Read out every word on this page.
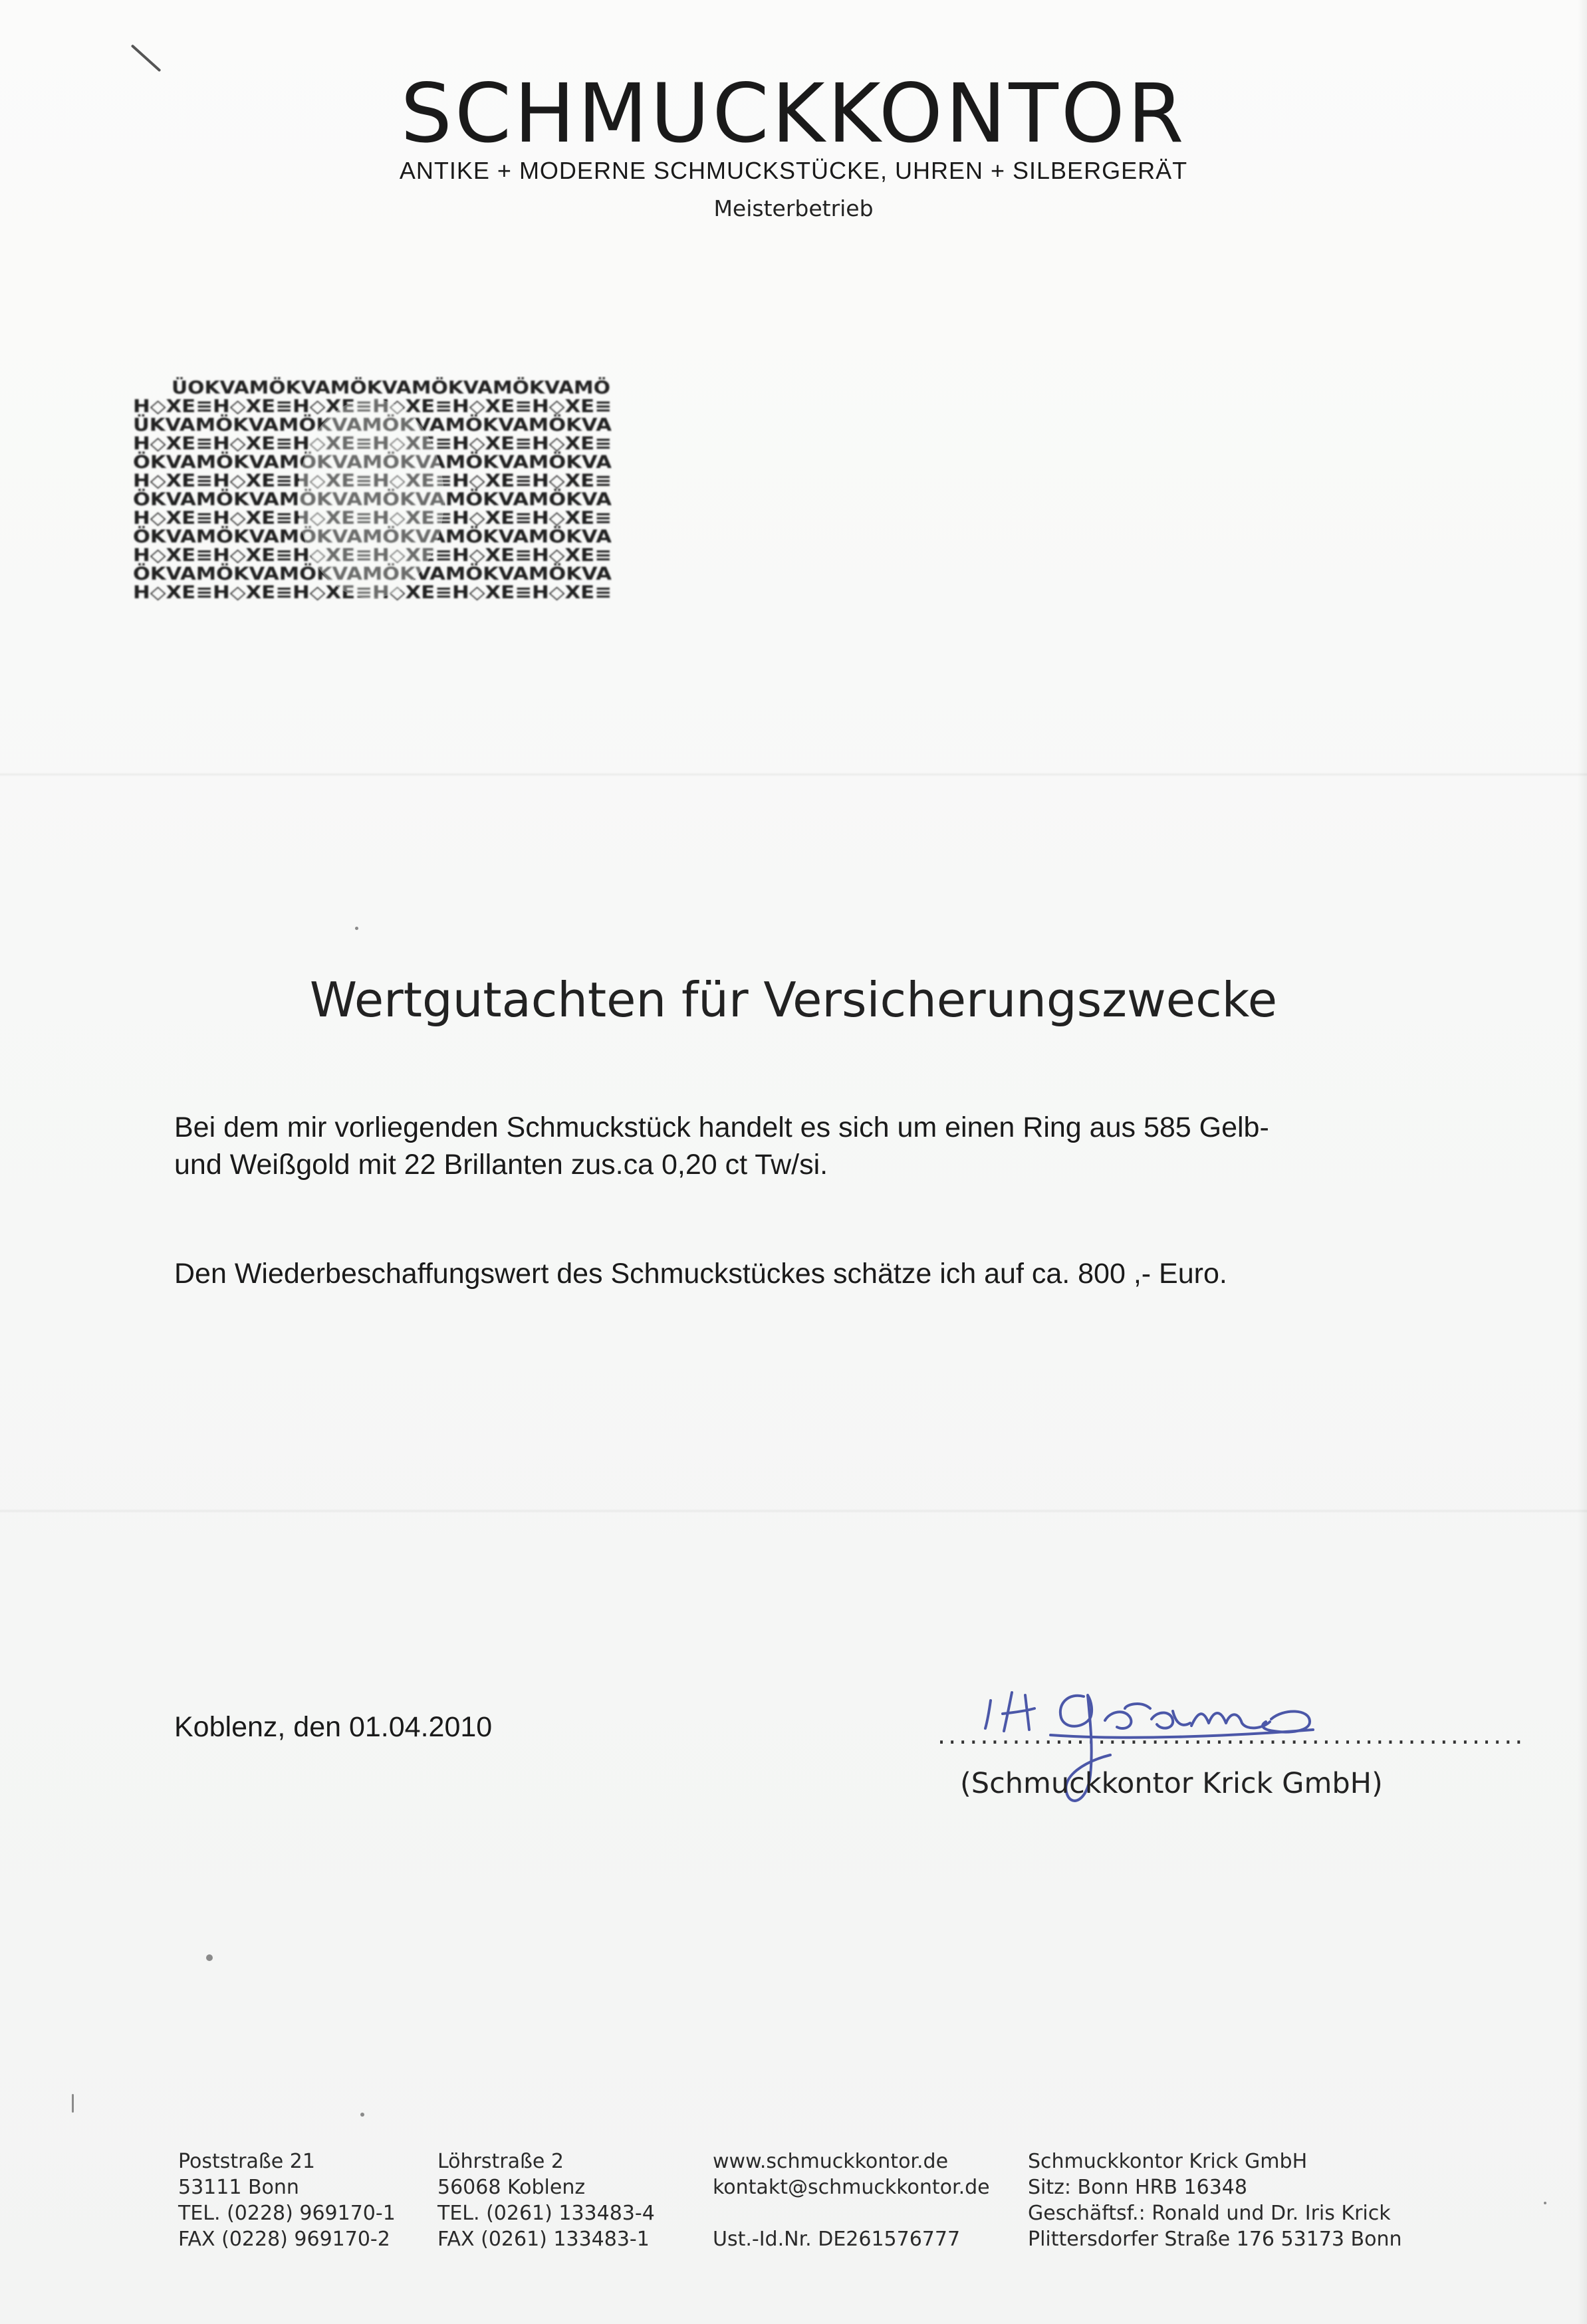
SCHMUCKKONTOR
ANTIKE + MODERNE SCHMUCKSTÜCKE, UHREN + SILBERGERÄT
Meisterbetrieb
ÜOKVAMÖKVAMÖKVAMÖKVAMÖKVAMÖ
H◇XE≡H◇XE≡H◇XE≡H◇XE≡H◇XE≡H◇XE≡
ÜKVAMÖKVAMÖKVAMÖKVAMÖKVAMÖKVA
H◇XE≡H◇XE≡H◇XE≡H◇XE≡H◇XE≡H◇XE≡
ÖKVAMÖKVAMÖKVAMÖKVAMÖKVAMÖKVA
H◇XE≡H◇XE≡H◇XE≡H◇XE≡H◇XE≡H◇XE≡
ÖKVAMÖKVAMÖKVAMÖKVAMÖKVAMÖKVA
H◇XE≡H◇XE≡H◇XE≡H◇XE≡H◇XE≡H◇XE≡
ÖKVAMÖKVAMÖKVAMÖKVAMÖKVAMÖKVA
H◇XE≡H◇XE≡H◇XE≡H◇XE≡H◇XE≡H◇XE≡
ÖKVAMÖKVAMÖKVAMÖKVAMÖKVAMÖKVA
H◇XE≡H◇XE≡H◇XE≡H◇XE≡H◇XE≡H◇XE≡
Wertgutachten für Versicherungszwecke
Bei dem mir vorliegenden Schmuckstück handelt es sich um einen Ring aus 585 Gelb-
und Weißgold mit 22 Brillanten zus.ca 0,20 ct Tw/si.
Den Wiederbeschaffungswert des Schmuckstückes schätze ich auf ca. 800 ,- Euro.
Koblenz, den 01.04.2010	.......................................................
(Schmuckkontor Krick GmbH)
Poststraße 21
53111 Bonn
TEL. (0228) 969170-1
FAX (0228) 969170-2
Löhrstraße 2
56068 Koblenz
TEL. (0261) 133483-4
FAX (0261) 133483-1
www.schmuckkontor.de
kontakt@schmuckkontor.de
Ust.-Id.Nr. DE261576777
Schmuckkontor Krick GmbH
Sitz: Bonn HRB 16348
Geschäftsf.: Ronald und Dr. Iris Krick
Plittersdorfer Straße 176 53173 Bonn
